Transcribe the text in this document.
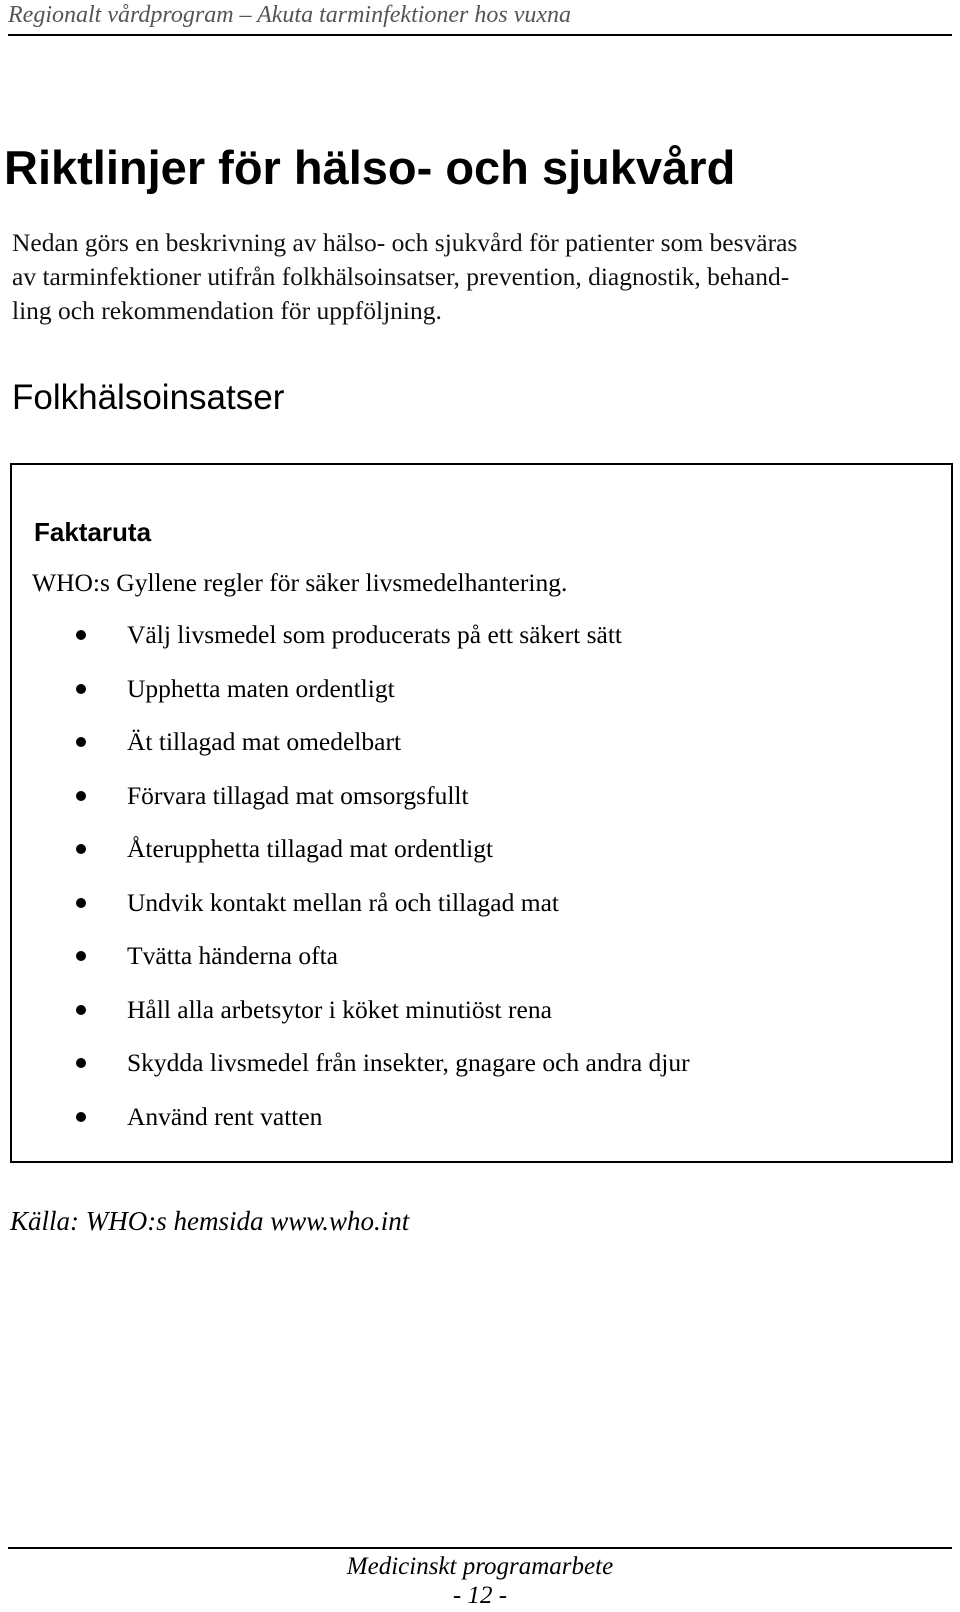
Regionalt vårdprogram – Akuta tarminfektioner hos vuxna
Riktlinjer för hälso- och sjukvård

Nedan görs en beskrivning av hälso- och sjukvård för patienter som besväras
av tarminfektioner utifrån folkhälsoinsatser, prevention, diagnostik, behand-
ling och rekommendation för uppföljning.

Folkhälsoinsatser
Faktaruta

WHO:s Gyllene regler för säker livsmedelhantering.

Välj livsmedel som producerats på ett säkert sätt
Upphetta maten ordentligt
Ät tillagad mat omedelbart
Förvara tillagad mat omsorgsfullt
Återupphetta tillagad mat ordentligt
Undvik kontakt mellan rå och tillagad mat
Tvätta händerna ofta
Håll alla arbetsytor i köket minutiöst rena
Skydda livsmedel från insekter, gnagare och andra djur
Använd rent vatten

Källa: WHO:s hemsida www.who.int

Medicinskt programarbete
- 12 -
